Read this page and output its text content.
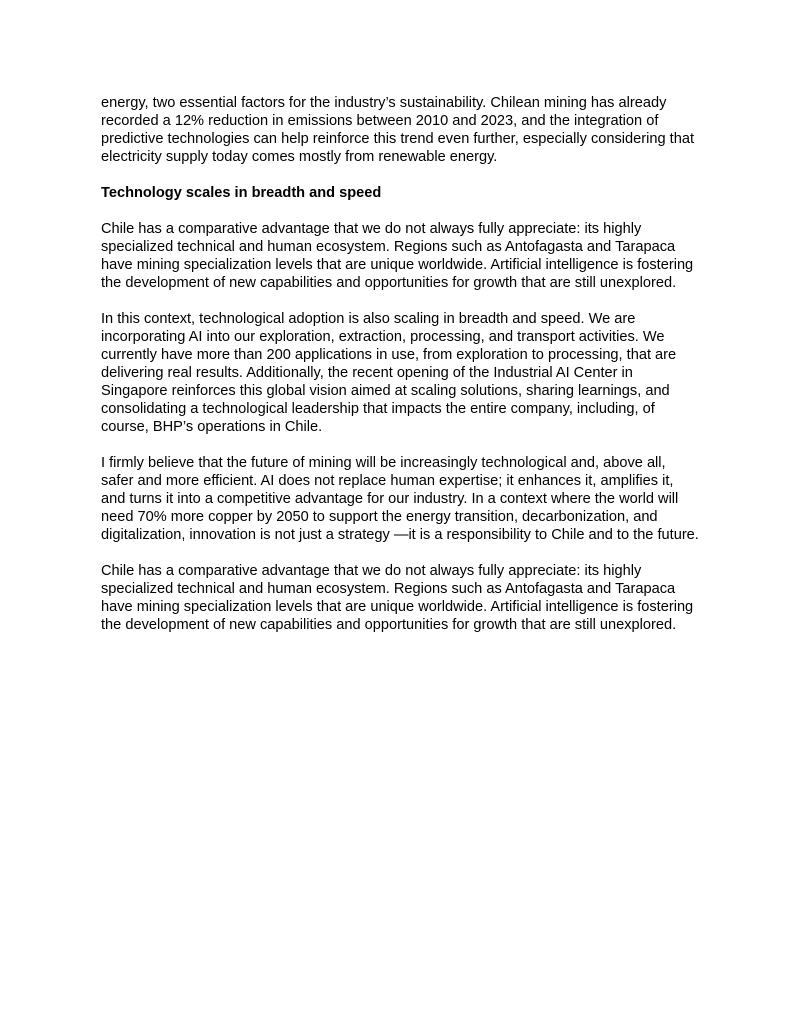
energy, two essential factors for the industry’s sustainability. Chilean mining has already recorded a 12% reduction in emissions between 2010 and 2023, and the integration of predictive technologies can help reinforce this trend even further, especially considering that electricity supply today comes mostly from renewable energy.

Technology scales in breadth and speed

Chile has a comparative advantage that we do not always fully appreciate: its highly specialized technical and human ecosystem. Regions such as Antofagasta and Tarapaca have mining specialization levels that are unique worldwide. Artificial intelligence is fostering the development of new capabilities and opportunities for growth that are still unexplored.

In this context, technological adoption is also scaling in breadth and speed. We are incorporating AI into our exploration, extraction, processing, and transport activities. We currently have more than 200 applications in use, from exploration to processing, that are delivering real results. Additionally, the recent opening of the Industrial AI Center in Singapore reinforces this global vision aimed at scaling solutions, sharing learnings, and consolidating a technological leadership that impacts the entire company, including, of course, BHP’s operations in Chile.

I firmly believe that the future of mining will be increasingly technological and, above all, safer and more efficient. AI does not replace human expertise; it enhances it, amplifies it, and turns it into a competitive advantage for our industry. In a context where the world will need 70% more copper by 2050 to support the energy transition, decarbonization, and digitalization, innovation is not just a strategy —it is a responsibility to Chile and to the future.

Chile has a comparative advantage that we do not always fully appreciate: its highly specialized technical and human ecosystem. Regions such as Antofagasta and Tarapaca have mining specialization levels that are unique worldwide. Artificial intelligence is fostering the development of new capabilities and opportunities for growth that are still unexplored.
